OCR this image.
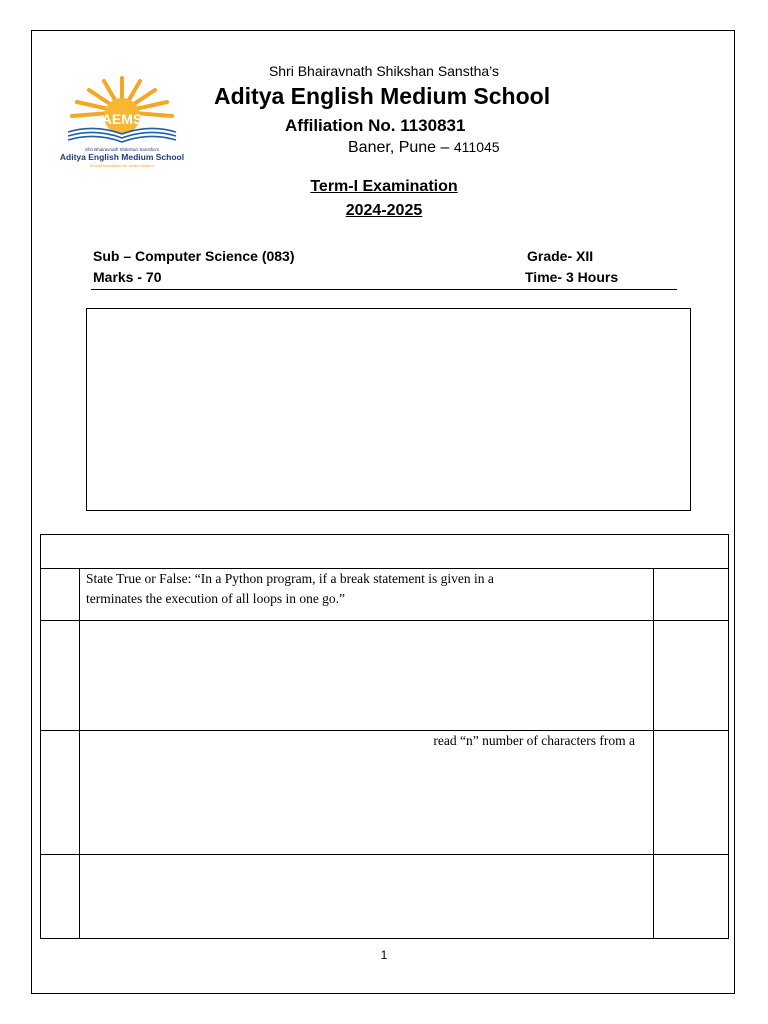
AEMS
Shri Bhairavnath Shikshan Sanstha’s
Aditya English Medium School
A solid foundation for smart children
Shri Bhairavnath Shikshan Sanstha’s
Aditya English Medium School
Affiliation No. 1130831
Baner, Pune – 411045
Term-I Examination
2024-2025
Sub – Computer Science (083)	Grade- XII
Marks - 70	Time- 3 Hours

	State True or False: “In a Python program, if a break statement is given in a
terminates the execution of all loops in one go.”	

	read “n” number of characters from a	

1
